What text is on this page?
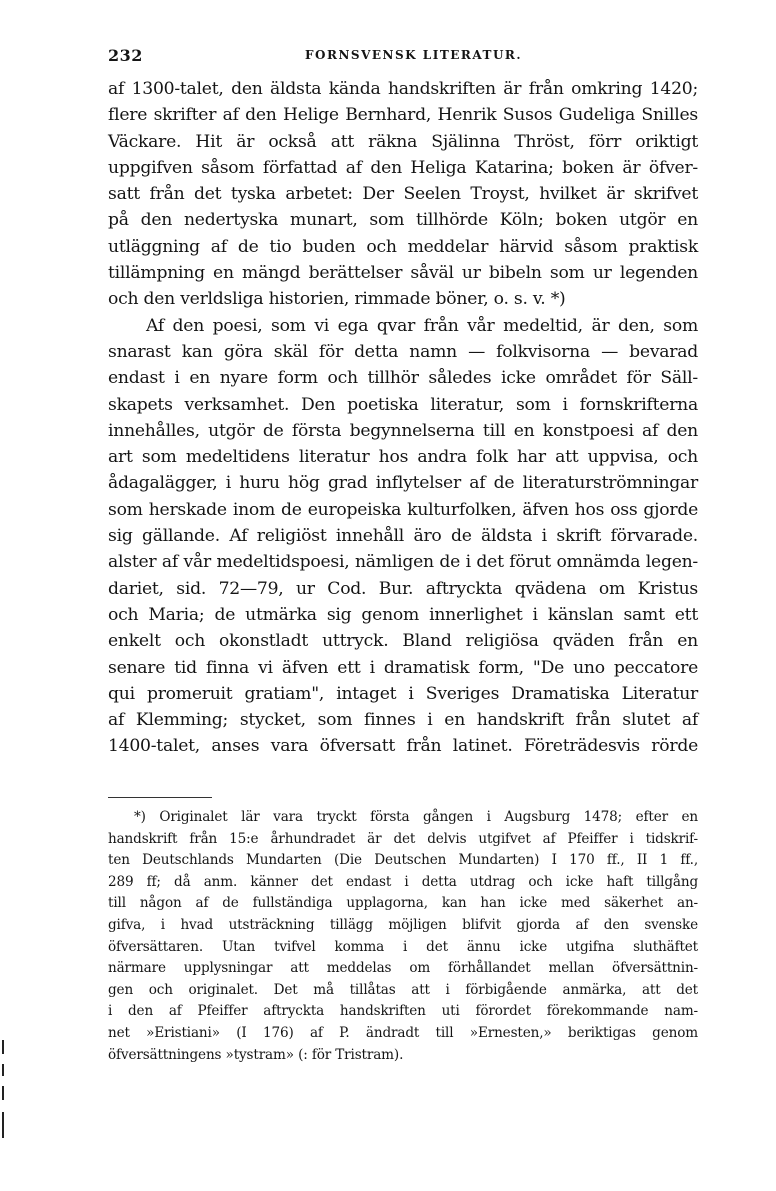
232	FORNSVENSK LITERATUR.
af 1300-talet, den äldsta kända handskriften är från omkring 1420;
flere skrifter af den Helige Bernhard, Henrik Susos Gudeliga Snilles
Väckare. Hit är också att räkna Själinna Thröst, förr oriktigt
uppgifven såsom författad af den Heliga Katarina; boken är öfver-
satt från det tyska arbetet: Der Seelen Troyst, hvilket är skrifvet
på den nedertyska munart, som tillhörde Köln; boken utgör en
utläggning af de tio buden och meddelar härvid såsom praktisk
tillämpning en mängd berättelser såväl ur bibeln som ur legenden
och den verldsliga historien, rimmade böner, o. s. v. *)
Af den poesi, som vi ega qvar från vår medeltid, är den, som
snarast kan göra skäl för detta namn — folkvisorna — bevarad
endast i en nyare form och tillhör således icke området för Säll-
skapets verksamhet. Den poetiska literatur, som i fornskrifterna
innehålles, utgör de första begynnelserna till en konstpoesi af den
art som medeltidens literatur hos andra folk har att uppvisa, och
ådagalägger, i huru hög grad inflytelser af de literaturströmningar
som herskade inom de europeiska kulturfolken, äfven hos oss gjorde
sig gällande. Af religiöst innehåll äro de äldsta i skrift förvarade.
alster af vår medeltidspoesi, nämligen de i det förut omnämda legen-
dariet, sid. 72—79, ur Cod. Bur. aftryckta qvädena om Kristus
och Maria; de utmärka sig genom innerlighet i känslan samt ett
enkelt och okonstladt uttryck. Bland religiösa qväden från en
senare tid finna vi äfven ett i dramatisk form, "De uno peccatore
qui promeruit gratiam", intaget i Sveriges Dramatiska Literatur
af Klemming; stycket, som finnes i en handskrift från slutet af
1400-talet, anses vara öfversatt från latinet. Företrädesvis rörde
*) Originalet lär vara tryckt första gången i Augsburg 1478; efter en
handskrift från 15:e århundradet är det delvis utgifvet af Pfeiffer i tidskrif-
ten Deutschlands Mundarten (Die Deutschen Mundarten) I 170 ff., II 1 ff.,
289 ff; då anm. känner det endast i detta utdrag och icke haft tillgång
till någon af de fullständiga upplagorna, kan han icke med säkerhet an-
gifva, i hvad utsträckning tillägg möjligen blifvit gjorda af den svenske
öfversättaren. Utan tvifvel komma i det ännu icke utgifna sluthäftet
närmare upplysningar att meddelas om förhållandet mellan öfversättnin-
gen och originalet. Det må tillåtas att i förbigående anmärka, att det
i den af Pfeiffer aftryckta handskriften uti förordet förekommande nam-
net »Eristiani» (I 176) af P. ändradt till »Ernesten,» beriktigas genom
öfversättningens »tystram» (: för Tristram).
